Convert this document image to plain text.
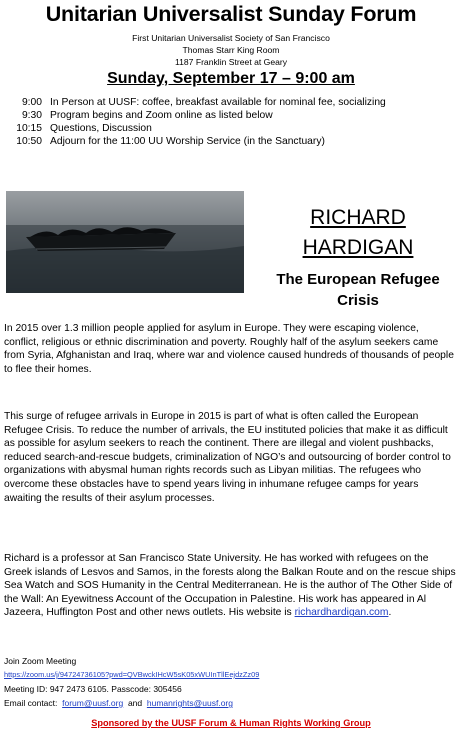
Unitarian Universalist Sunday Forum
First Unitarian Universalist Society of San Francisco
Thomas Starr King Room
1187 Franklin Street at Geary
Sunday, September 17 – 9:00 am
9:00 In Person at UUSF: coffee, breakfast available for nominal fee, socializing
9:30 Program begins and Zoom online as listed below
10:15 Questions, Discussion
10:50 Adjourn for the 11:00 UU Worship Service (in the Sanctuary)
RICHARD
HARDIGAN
The European Refugee
Crisis
In 2015 over 1.3 million people applied for asylum in Europe. They were escaping violence, conflict, religious or ethnic discrimination and poverty. Roughly half of the asylum seekers came from Syria, Afghanistan and Iraq, where war and violence caused hundreds of thousands of people to flee their homes.
This surge of refugee arrivals in Europe in 2015 is part of what is often called the European Refugee Crisis. To reduce the number of arrivals, the EU instituted policies that make it as difficult as possible for asylum seekers to reach the continent. There are illegal and violent pushbacks, reduced search-and-rescue budgets, criminalization of NGO’s and outsourcing of border control to organizations with abysmal human rights records such as Libyan militias. The refugees who overcome these obstacles have to spend years living in inhumane refugee camps for years awaiting the results of their asylum processes.
Richard is a professor at San Francisco State University. He has worked with refugees on the Greek islands of Lesvos and Samos, in the forests along the Balkan Route and on the rescue ships Sea Watch and SOS Humanity in the Central Mediterranean. He is the author of The Other Side of the Wall: An Eyewitness Account of the Occupation in Palestine. His work has appeared in Al Jazeera, Huffington Post and other news outlets. His website is richardhardigan.com.
Join Zoom Meeting
https://zoom.us/j/94724736105?pwd=QVBwckIHcW5sK05xWUInTllEejdzZz09
Meeting ID: 947 2473 6105. Passcode: 305456
Email contact: forum@uusf.org and humanrights@uusf.org
Sponsored by the UUSF Forum & Human Rights Working Group
